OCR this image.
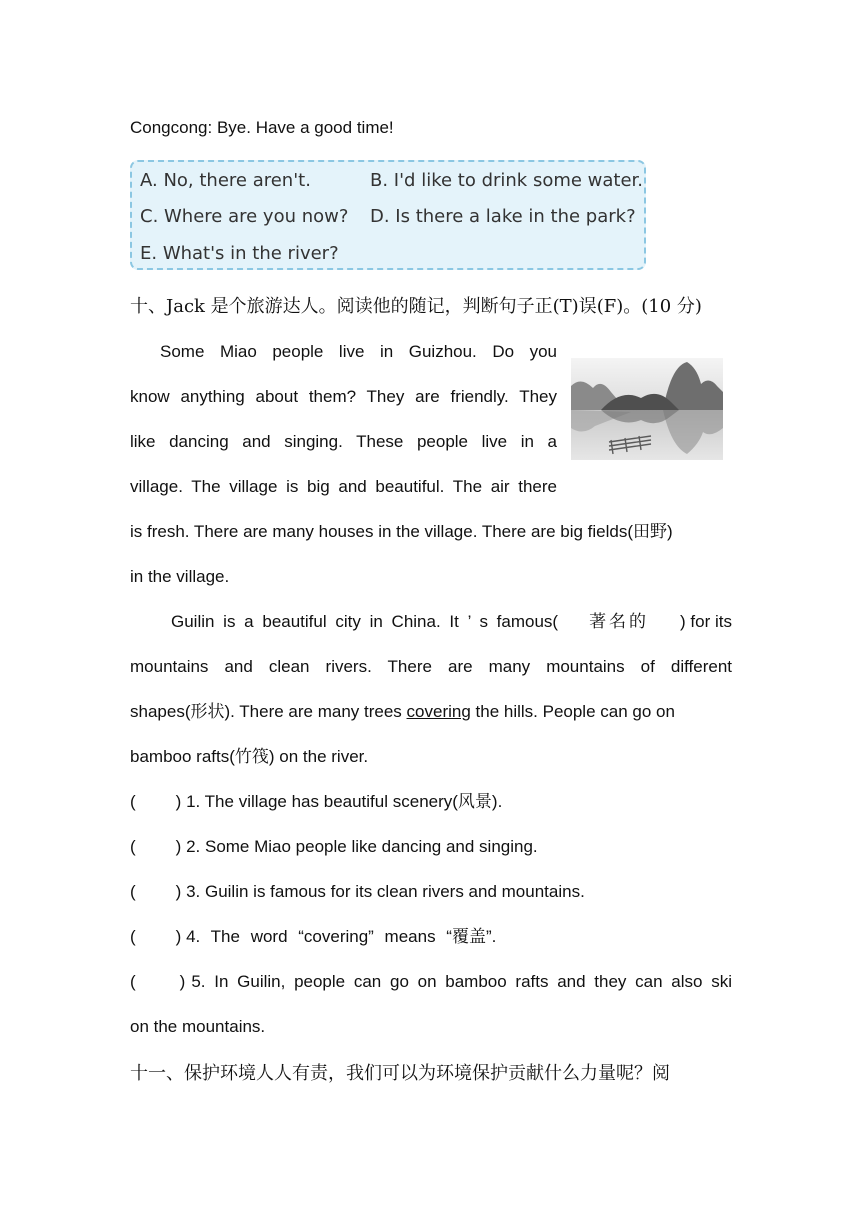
Congcong: Bye. Have a good time!
A. No, there aren't.	B. I'd like to drink some water.
C. Where are you now? D. Is there a lake in the park?
E. What's in the river?
十、Jack 是个旅游达人。阅读他的随记，判断句子正(T)误(F)。(10 分)
Some Miao people live in Guizhou. Do you
know anything about them? They are friendly. They
like dancing and singing. These people live in a
village. The village is big and beautiful. The air there
is fresh. There are many houses in the village. There are big fields(田野)
in the village.
Guilin is a beautiful city in China. It ’ s famous( 著名的 ) for its
mountains and clean rivers. There are many mountains of different
shapes(形状). There are many trees covering the hills. People can go on
bamboo rafts(竹筏) on the river.
( ) 1. The village has beautiful scenery(风景).
( ) 2. Some Miao people like dancing and singing.
( ) 3. Guilin is famous for its clean rivers and mountains.
( ) 4. The word “covering” means “覆盖”.
(	) 5. In Guilin, people can go on bamboo rafts and they can also ski
on the mountains.
十一、保护环境人人有责，我们可以为环境保护贡献什么力量呢？阅
